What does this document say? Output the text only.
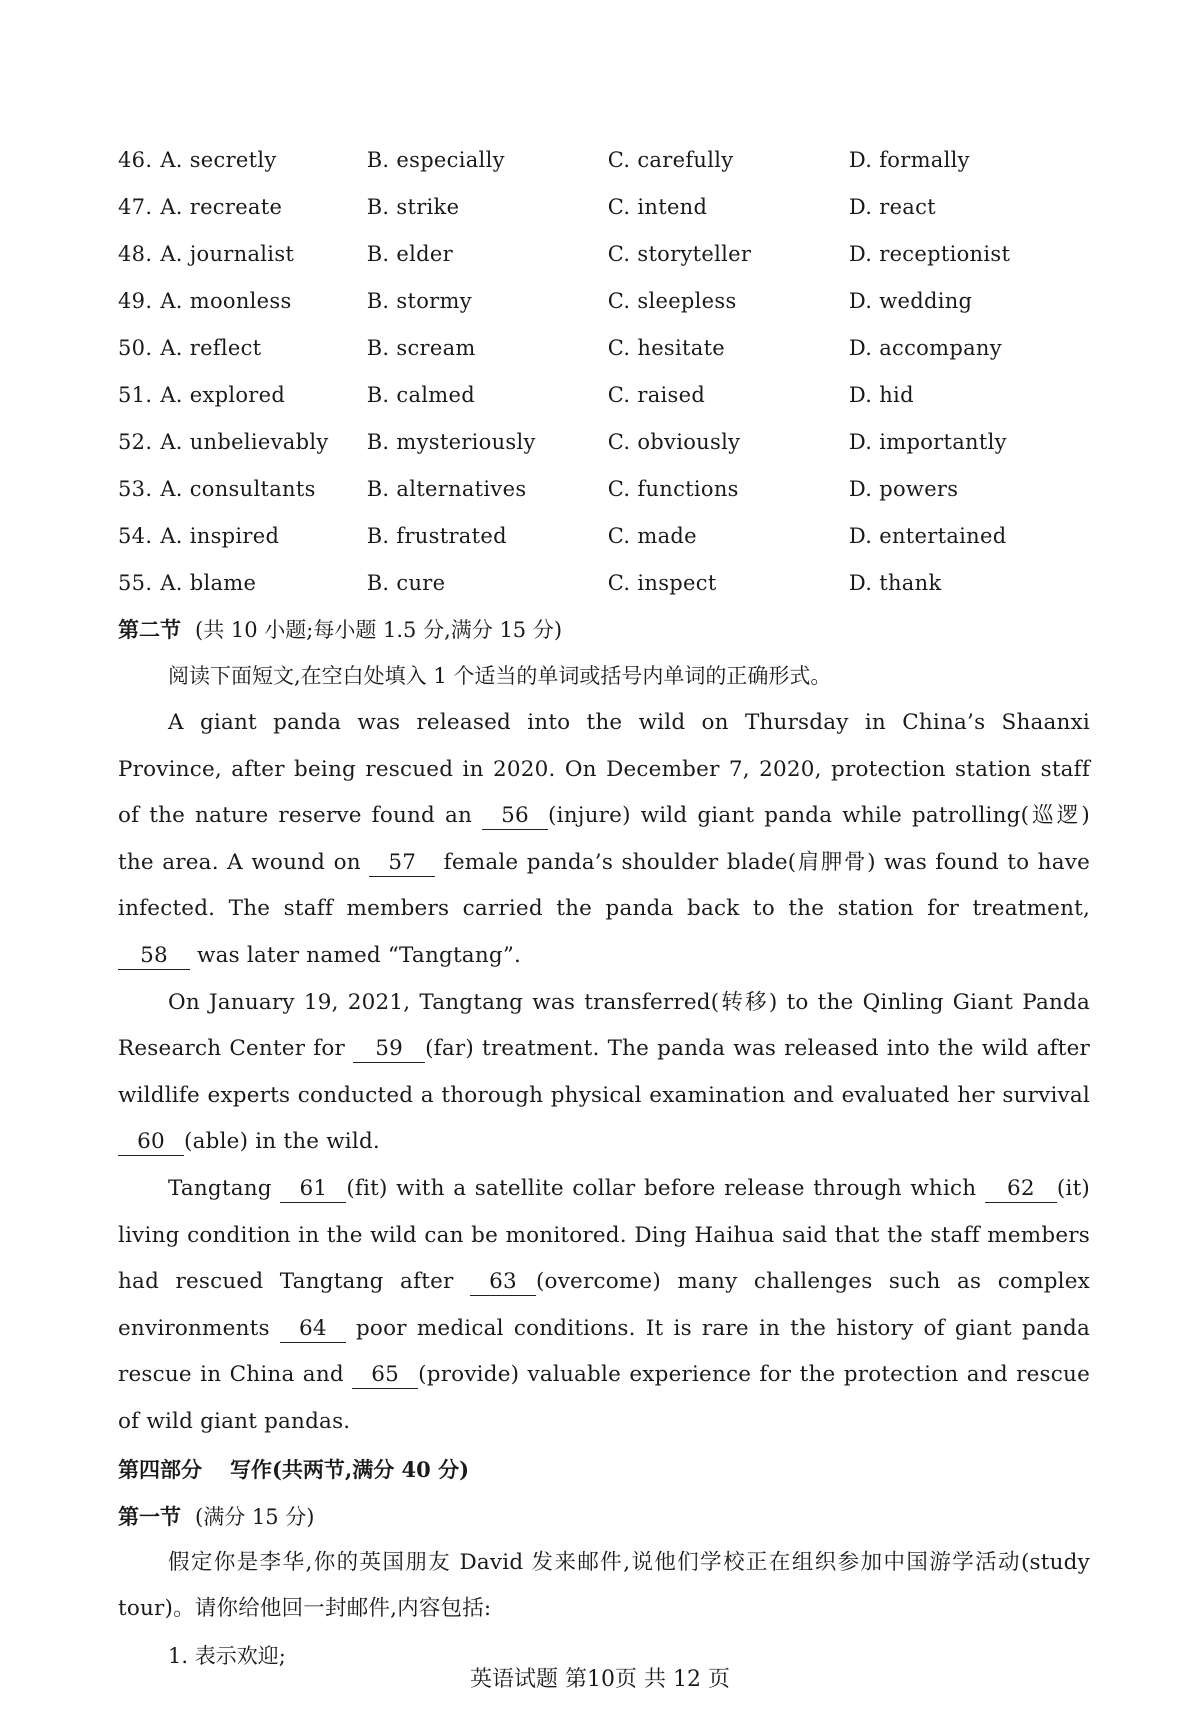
46. A. secretly	B. especially	C. carefully	D. formally
47. A. recreate	B. strike	C. intend	D. react
48. A. journalist	B. elder	C. storyteller	D. receptionist
49. A. moonless	B. stormy	C. sleepless	D. wedding
50. A. reflect	B. scream	C. hesitate	D. accompany
51. A. explored	B. calmed	C. raised	D. hid
52. A. unbelievably	B. mysteriously	C. obviously	D. importantly
53. A. consultants	B. alternatives	C. functions	D. powers
54. A. inspired	B. frustrated	C. made	D. entertained
55. A. blame	B. cure	C. inspect	D. thank
第二节 (共 10 小题;每小题 1.5 分,满分 15 分)
阅读下面短文,在空白处填入 1 个适当的单词或括号内单词的正确形式。

A giant panda was released into the wild on Thursday in China’s Shaanxi Province, after being rescued in 2020. On December 7, 2020, protection station staff of the nature reserve found an 56 (injure) wild giant panda while patrolling(巡逻) the area. A wound on 57 female panda’s shoulder blade(肩胛骨) was found to have infected. The staff members carried the panda back to the station for treatment, 58 was later named “Tangtang”.

On January 19, 2021, Tangtang was transferred(转移) to the Qinling Giant Panda Research Center for 59 (far) treatment. The panda was released into the wild after wildlife experts conducted a thorough physical examination and evaluated her survival 60 (able) in the wild.

Tangtang 61 (fit) with a satellite collar before release through which 62 (it) living condition in the wild can be monitored. Ding Haihua said that the staff members had rescued Tangtang after 63 (overcome) many challenges such as complex environments 64 poor medical conditions. It is rare in the history of giant panda rescue in China and 65 (provide) valuable experience for the protection and rescue of wild giant pandas.

第四部分 写作(共两节,满分 40 分)
第一节 (满分 15 分)

假定你是李华,你的英国朋友 David 发来邮件,说他们学校正在组织参加中国游学活动(study tour)。请你给他回一封邮件,内容包括:

1. 表示欢迎;
英语试题 第10页 共 12 页
